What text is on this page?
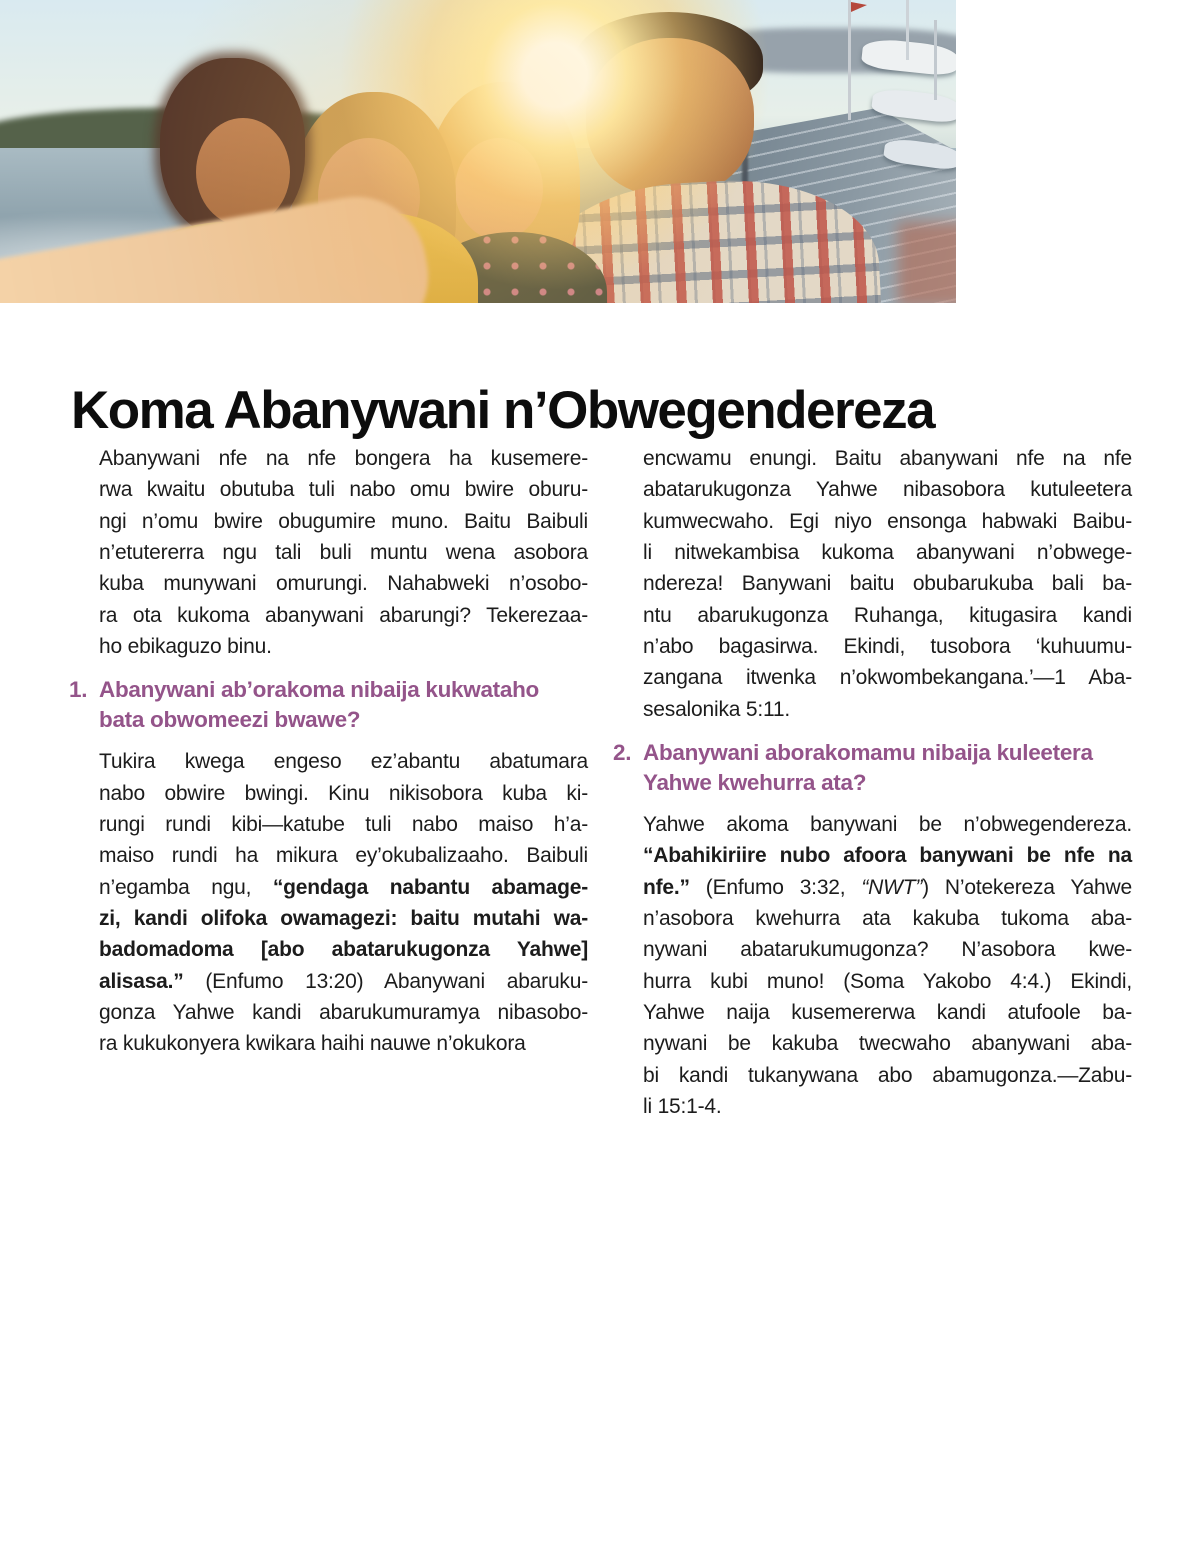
48
Koma Abanywani n’Obwegendereza
Abanywani nfe na nfe bongera ha kusemere-
rwa kwaitu obutuba tuli nabo omu bwire oburu-
ngi n’omu bwire obugumire muno. Baitu Baibuli
n’etutererra ngu tali buli muntu wena asobora
kuba munywani omurungi. Nahabweki n’osobo-
ra ota kukoma abanywani abarungi? Tekerezaa-
ho ebikaguzo binu.
1. Abanywani ab’orakoma nibaija kukwataho
bata obwomeezi bwawe?
Tukira kwega engeso ez’abantu abatumara
nabo obwire bwingi. Kinu nikisobora kuba ki-
rungi rundi kibi—katube tuli nabo maiso h’a-
maiso rundi ha mikura ey’okubalizaaho. Baibuli
n’egamba ngu, “gendaga nabantu abamage-
zi, kandi olifoka owamagezi: baitu mutahi wa-
badomadoma [abo abatarukugonza Yahwe]
alisasa.” (Enfumo 13:20) Abanywani abaruku-
gonza Yahwe kandi abarukumuramya nibasobo-
ra kukukonyera kwikara haihi nauwe n’okukora
encwamu enungi. Baitu abanywani nfe na nfe
abatarukugonza Yahwe nibasobora kutuleetera
kumwecwaho. Egi niyo ensonga habwaki Baibu-
li nitwekambisa kukoma abanywani n’obwege-
ndereza! Banywani baitu obubarukuba bali ba-
ntu abarukugonza Ruhanga, kitugasira kandi
n’abo bagasirwa. Ekindi, tusobora ‘kuhuumu-
zangana itwenka n’okwombekangana.’—1 Aba-
sesalonika 5:11.
2. Abanywani aborakomamu nibaija kuleetera
Yahwe kwehurra ata?
Yahwe akoma banywani be n’obwegendereza.
“Abahikiriire nubo afoora banywani be nfe na
nfe.” (Enfumo 3:32, “NWT”) N’otekereza Yahwe
n’asobora kwehurra ata kakuba tukoma aba-
nywani abatarukumugonza? N’asobora kwe-
hurra kubi muno! (Soma Yakobo 4:4.) Ekindi,
Yahwe naija kusemererwa kandi atufoole ba-
nywani be kakuba twecwaho abanywani aba-
bi kandi tukanywana abo abamugonza.—Zabu-
li 15:1-4.
